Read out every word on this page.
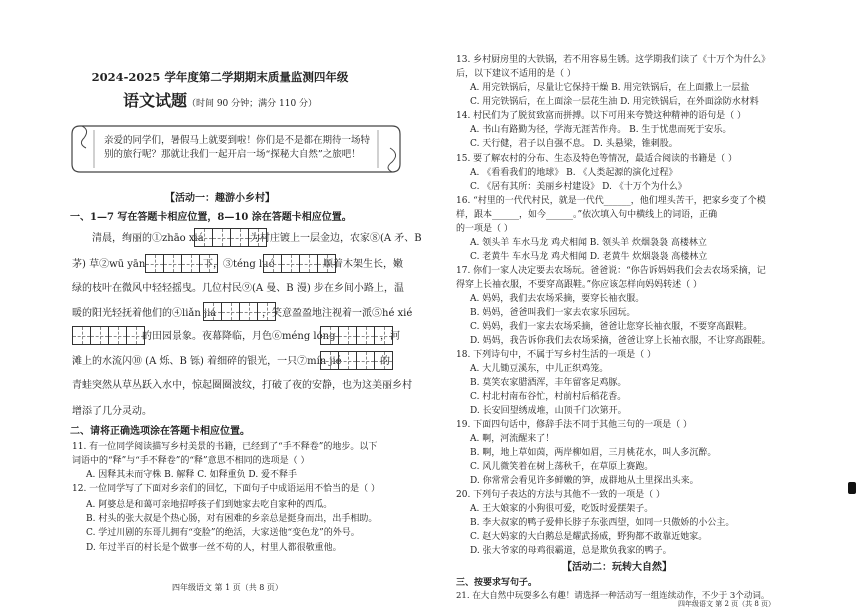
2024-2025 学年度第二学期期末质量监测四年级
语文试题（时间 90 分钟；满分 110 分）
亲爱的同学们，暑假马上就要到啦！你们是不是都在期待一场特别的旅行呢？那就让我们一起开启一场“探秘大自然”之旅吧！
【活动一：趣游小乡村】
一、1—7 写在答题卡相应位置，8—10 涂在答题卡相应位置。
清晨，绚丽的①zhāo xiá	为村庄镀上一层金边，农家⑧(A 矛、B
茅) 草②wū yān	下，③téng luó	顺着木架生长，嫩
绿的枝叶在微风中轻轻摇曳。几位村民⑨(A 曼、B 漫) 步在乡间小路上，温
暖的阳光轻抚着他们的④liǎn jiá	，笑意盈盈地注视着一派⑤hé xié
的田园景象。夜幕降临，月色⑥méng lóng	，河
滩上的水流闪⑩ (A 烁、B 铄) 着细碎的银光，一只⑦mín jié	的
青蛙突然从草丛跃入水中，惊起圈圈波纹，打破了夜的安静，也为这美丽乡村
增添了几分灵动。
二、请将正确选项涂在答题卡相应位置。
11. 有一位同学阅读描写乡村美景的书籍，已经到了“手不释卷”的地步。以下
词语中的“释”与“手不释卷”的“释”意思不相同的选项是（ ）
A. 因释其未而守株 B. 解释 C. 如释重负 D. 爱不释手
12. 一位同学写了下面对乡亲们的回忆，下面句子中成语运用不恰当的是（ ）
A. 阿婆总是和蔼可亲地招呼孩子们到她家去吃自家种的西瓜。
B. 村头的张大叔是个热心肠，对有困难的乡亲总是挺身而出，出手相助。
C. 学过川剧的东哥儿拥有“变脸”的绝活，大家送他“变色龙”的外号。
D. 年过半百的村长是个做事一丝不苟的人，村里人都很敬重他。
四年级语文 第 1 页（共 8 页）
13. 乡村厨房里的大铁锅，若不用容易生锈。这学期我们读了《十万个为什么》
后，以下建议不适用的是（ ）
A. 用完铁锅后，尽量让它保持干燥 B. 用完铁锅后，在上面撒上一层盐
C. 用完铁锅后，在上面涂一层花生油 D. 用完铁锅后，在外面涂防水材料
14. 村民们为了脱贫致富而拼搏。以下可用来夸赞这种精神的语句是（ ）
A. 书山有路勤为径，学海无涯苦作舟。 B. 生于忧患而死于安乐。
C. 天行健，君子以自强不息。 D. 头悬梁，锥刺股。
15. 要了解农村的分布、生态及特色等情况，最适合阅读的书籍是（ ）
A. 《看看我们的地球》 B. 《人类起源的演化过程》
C. 《居有其所：美丽乡村建设》 D. 《十万个为什么》
16. “村里的一代代村民，就是一代代______，他们埋头苦干，把家乡变了个模
样，跟本______，如今______。”依次填入句中横线上的词语，正确
的一项是（ ）
A. 领头羊 车水马龙 鸡犬相闻 B. 领头羊 炊烟袅袅 高楼林立
C. 老黄牛 车水马龙 鸡犬相闻 D. 老黄牛 炊烟袅袅 高楼林立
17. 你们一家人决定要去农场玩。爸爸说：“你告诉妈妈我们会去农场采摘，记
得穿上长袖衣服，不要穿高跟鞋。”你应该怎样向妈妈转述（ ）
A. 妈妈，我们去农场采摘，要穿长袖衣服。
B. 妈妈，爸爸叫我们一家去农家乐园玩。
C. 妈妈，我们一家去农场采摘，爸爸让您穿长袖衣服，不要穿高跟鞋。
D. 妈妈，我告诉你我们去农场采摘，爸爸让穿上长袖衣服，不让穿高跟鞋。
18. 下列诗句中，不属于写乡村生活的一项是（ ）
A. 大儿锄豆溪东，中儿正织鸡笼。
B. 莫笑农家腊酒浑，丰年留客足鸡豚。
C. 村北村南布谷忙，村前村后稻花香。
D. 长安回望绣成堆，山顶千门次第开。
19. 下面四句话中，修辞手法不同于其他三句的一项是（ ）
A. 啊，河流醒来了！
B. 啊，地上草如茵，两岸柳如眉，三月桃花水，叫人多沉醉。
C. 风儿微笑着在树上荡秋千，在草原上赛跑。
D. 你常常会看见许多鲜嫩的笋，成群地从土里探出头来。
20. 下列句子表达的方法与其他不一致的一项是（ ）
A. 王大娘家的小狗很可爱，吃饭时爱摆架子。
B. 李大叔家的鸭子爱伸长脖子东张西望，如同一只傲娇的小公主。
C. 赵大妈家的大白鹅总是耀武扬威，野狗都不敢靠近她家。
D. 张大爷家的母鸡很霸道，总是欺负我家的鸭子。
【活动二：玩转大自然】
三、按要求写句子。
21. 在大自然中玩耍多么有趣！请选择一种活动写一组连续动作，不少于 3个动词。
四年级语文 第 2 页（共 8 页）
